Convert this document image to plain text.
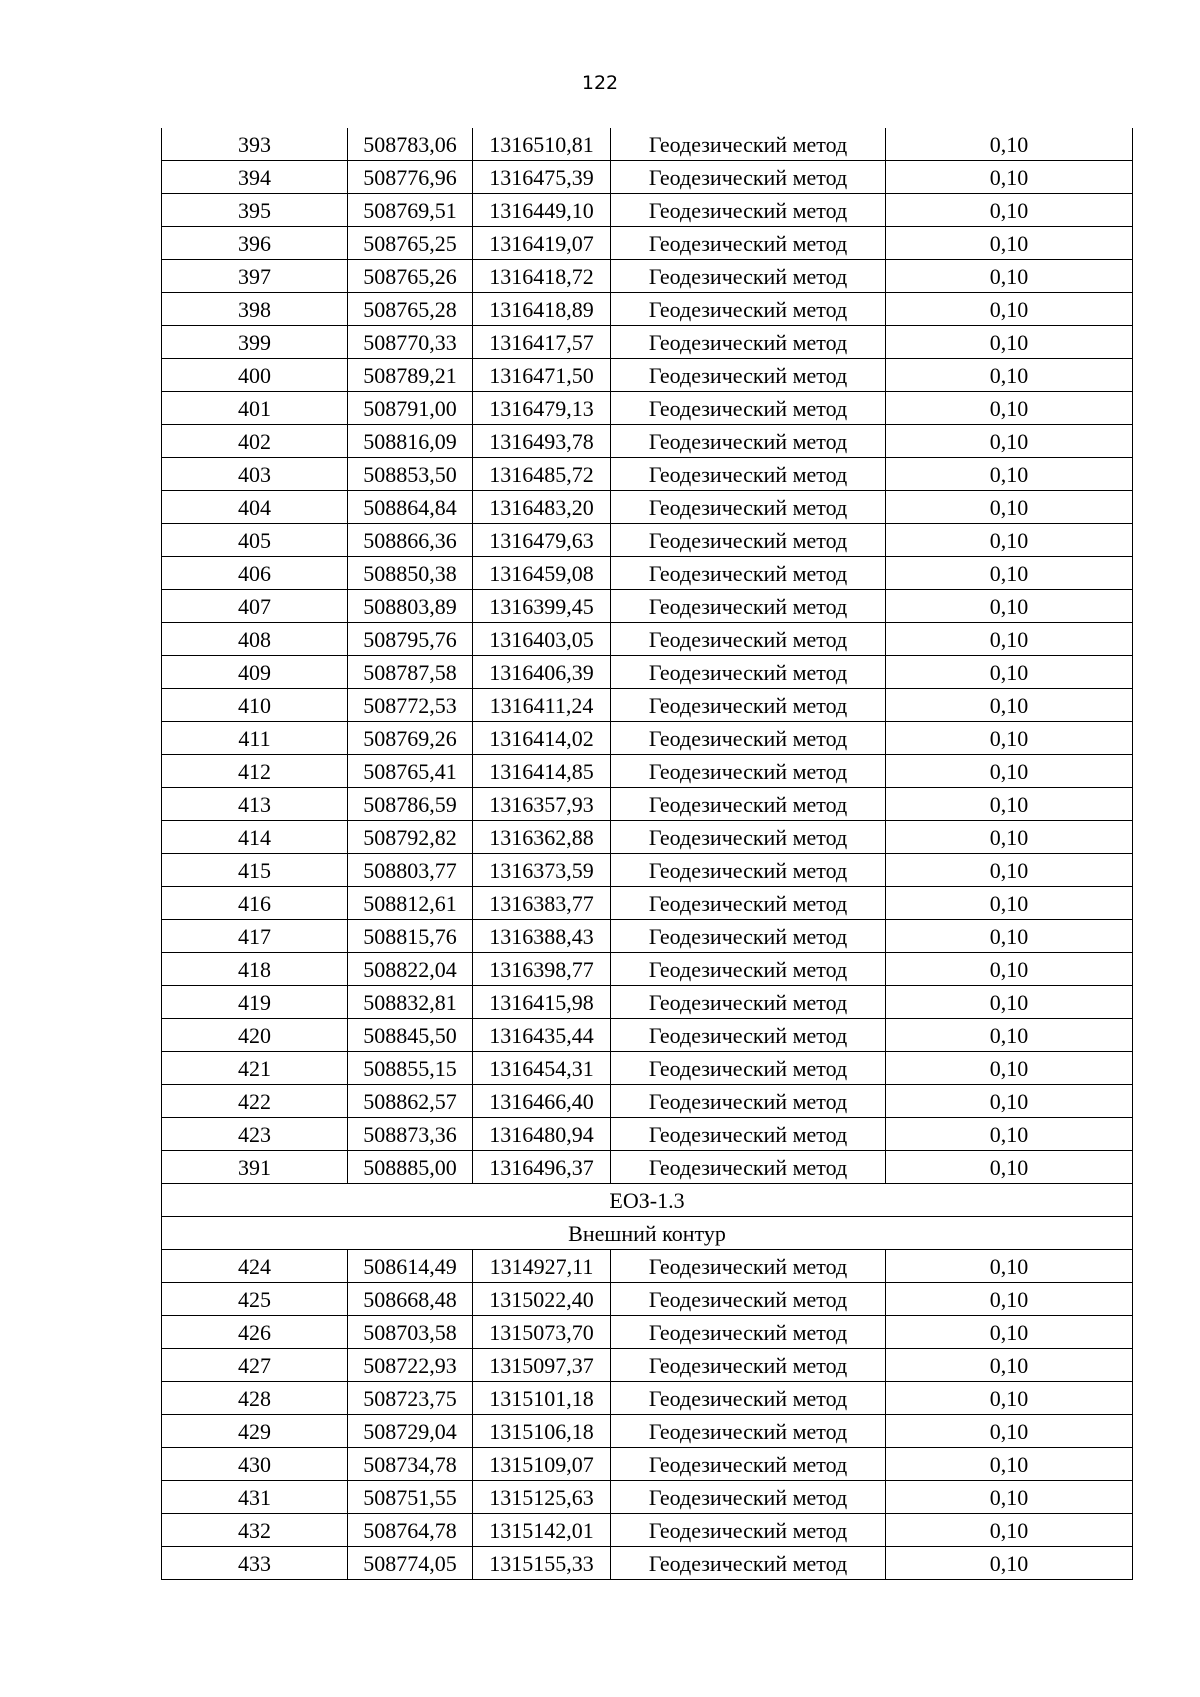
122
393	508783,06	1316510,81	Геодезический метод	0,10
394	508776,96	1316475,39	Геодезический метод	0,10
395	508769,51	1316449,10	Геодезический метод	0,10
396	508765,25	1316419,07	Геодезический метод	0,10
397	508765,26	1316418,72	Геодезический метод	0,10
398	508765,28	1316418,89	Геодезический метод	0,10
399	508770,33	1316417,57	Геодезический метод	0,10
400	508789,21	1316471,50	Геодезический метод	0,10
401	508791,00	1316479,13	Геодезический метод	0,10
402	508816,09	1316493,78	Геодезический метод	0,10
403	508853,50	1316485,72	Геодезический метод	0,10
404	508864,84	1316483,20	Геодезический метод	0,10
405	508866,36	1316479,63	Геодезический метод	0,10
406	508850,38	1316459,08	Геодезический метод	0,10
407	508803,89	1316399,45	Геодезический метод	0,10
408	508795,76	1316403,05	Геодезический метод	0,10
409	508787,58	1316406,39	Геодезический метод	0,10
410	508772,53	1316411,24	Геодезический метод	0,10
411	508769,26	1316414,02	Геодезический метод	0,10
412	508765,41	1316414,85	Геодезический метод	0,10
413	508786,59	1316357,93	Геодезический метод	0,10
414	508792,82	1316362,88	Геодезический метод	0,10
415	508803,77	1316373,59	Геодезический метод	0,10
416	508812,61	1316383,77	Геодезический метод	0,10
417	508815,76	1316388,43	Геодезический метод	0,10
418	508822,04	1316398,77	Геодезический метод	0,10
419	508832,81	1316415,98	Геодезический метод	0,10
420	508845,50	1316435,44	Геодезический метод	0,10
421	508855,15	1316454,31	Геодезический метод	0,10
422	508862,57	1316466,40	Геодезический метод	0,10
423	508873,36	1316480,94	Геодезический метод	0,10
391	508885,00	1316496,37	Геодезический метод	0,10
ЕОЗ-1.3				
Внешний контур				
424	508614,49	1314927,11	Геодезический метод	0,10
425	508668,48	1315022,40	Геодезический метод	0,10
426	508703,58	1315073,70	Геодезический метод	0,10
427	508722,93	1315097,37	Геодезический метод	0,10
428	508723,75	1315101,18	Геодезический метод	0,10
429	508729,04	1315106,18	Геодезический метод	0,10
430	508734,78	1315109,07	Геодезический метод	0,10
431	508751,55	1315125,63	Геодезический метод	0,10
432	508764,78	1315142,01	Геодезический метод	0,10
433	508774,05	1315155,33	Геодезический метод	0,10
